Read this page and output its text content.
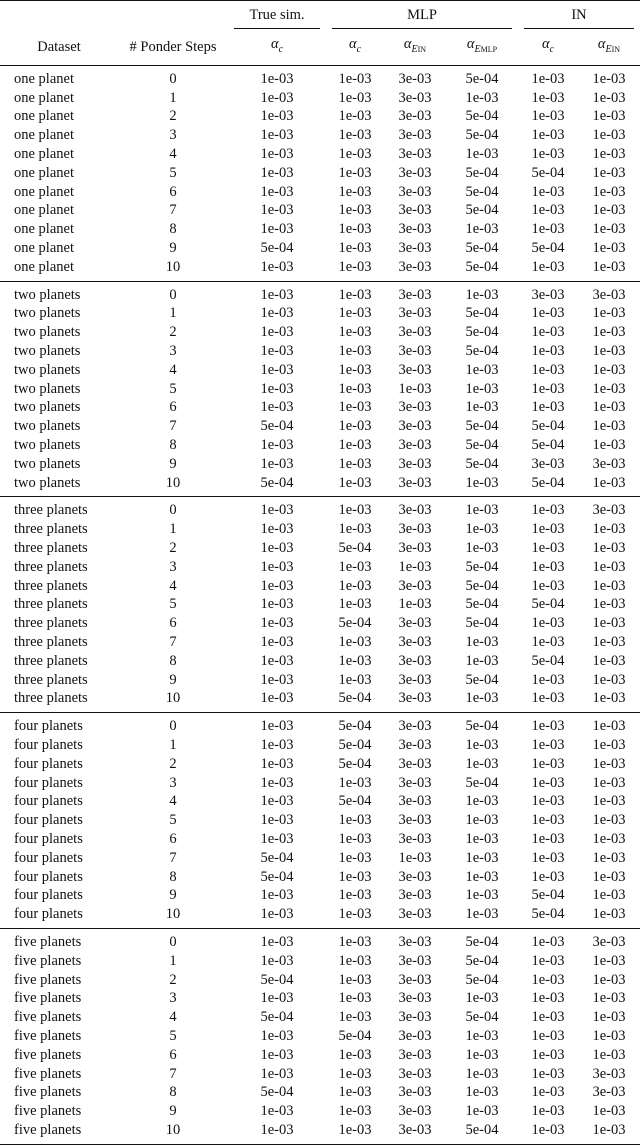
		True sim.	MLP			IN	
Dataset	# Ponder Steps	$\alpha_c$	$\alpha_c$	$\alpha_{EIN}$	$\alpha_{EMLP}$	$\alpha_c$	$\alpha_{EIN}$

one planet	0	1e-03	1e-03	3e-03	5e-04	1e-03	1e-03
one planet	1	1e-03	1e-03	3e-03	1e-03	1e-03	1e-03
one planet	2	1e-03	1e-03	3e-03	5e-04	1e-03	1e-03
one planet	3	1e-03	1e-03	3e-03	5e-04	1e-03	1e-03
one planet	4	1e-03	1e-03	3e-03	1e-03	1e-03	1e-03
one planet	5	1e-03	1e-03	3e-03	5e-04	5e-04	1e-03
one planet	6	1e-03	1e-03	3e-03	5e-04	1e-03	1e-03
one planet	7	1e-03	1e-03	3e-03	5e-04	1e-03	1e-03
one planet	8	1e-03	1e-03	3e-03	1e-03	1e-03	1e-03
one planet	9	5e-04	1e-03	3e-03	5e-04	5e-04	1e-03
one planet	10	1e-03	1e-03	3e-03	5e-04	1e-03	1e-03

two planets	0	1e-03	1e-03	3e-03	1e-03	3e-03	3e-03
two planets	1	1e-03	1e-03	3e-03	5e-04	1e-03	1e-03
two planets	2	1e-03	1e-03	3e-03	5e-04	1e-03	1e-03
two planets	3	1e-03	1e-03	3e-03	5e-04	1e-03	1e-03
two planets	4	1e-03	1e-03	3e-03	1e-03	1e-03	1e-03
two planets	5	1e-03	1e-03	1e-03	1e-03	1e-03	1e-03
two planets	6	1e-03	1e-03	3e-03	1e-03	1e-03	1e-03
two planets	7	5e-04	1e-03	3e-03	5e-04	5e-04	1e-03
two planets	8	1e-03	1e-03	3e-03	5e-04	5e-04	1e-03
two planets	9	1e-03	1e-03	3e-03	5e-04	3e-03	3e-03
two planets	10	5e-04	1e-03	3e-03	1e-03	5e-04	1e-03

three planets	0	1e-03	1e-03	3e-03	1e-03	1e-03	3e-03
three planets	1	1e-03	1e-03	3e-03	1e-03	1e-03	1e-03
three planets	2	1e-03	5e-04	3e-03	1e-03	1e-03	1e-03
three planets	3	1e-03	1e-03	1e-03	5e-04	1e-03	1e-03
three planets	4	1e-03	1e-03	3e-03	5e-04	1e-03	1e-03
three planets	5	1e-03	1e-03	1e-03	5e-04	5e-04	1e-03
three planets	6	1e-03	5e-04	3e-03	5e-04	1e-03	1e-03
three planets	7	1e-03	1e-03	3e-03	1e-03	1e-03	1e-03
three planets	8	1e-03	1e-03	3e-03	1e-03	5e-04	1e-03
three planets	9	1e-03	1e-03	3e-03	5e-04	1e-03	1e-03
three planets	10	1e-03	5e-04	3e-03	1e-03	1e-03	1e-03

four planets	0	1e-03	5e-04	3e-03	5e-04	1e-03	1e-03
four planets	1	1e-03	5e-04	3e-03	1e-03	1e-03	1e-03
four planets	2	1e-03	5e-04	3e-03	1e-03	1e-03	1e-03
four planets	3	1e-03	1e-03	3e-03	5e-04	1e-03	1e-03
four planets	4	1e-03	5e-04	3e-03	1e-03	1e-03	1e-03
four planets	5	1e-03	1e-03	3e-03	1e-03	1e-03	1e-03
four planets	6	1e-03	1e-03	3e-03	1e-03	1e-03	1e-03
four planets	7	5e-04	1e-03	1e-03	1e-03	1e-03	1e-03
four planets	8	5e-04	1e-03	3e-03	1e-03	1e-03	1e-03
four planets	9	1e-03	1e-03	3e-03	1e-03	5e-04	1e-03
four planets	10	1e-03	1e-03	3e-03	1e-03	5e-04	1e-03

five planets	0	1e-03	1e-03	3e-03	5e-04	1e-03	3e-03
five planets	1	1e-03	1e-03	3e-03	5e-04	1e-03	1e-03
five planets	2	5e-04	1e-03	3e-03	5e-04	1e-03	1e-03
five planets	3	1e-03	1e-03	3e-03	1e-03	1e-03	1e-03
five planets	4	5e-04	1e-03	3e-03	5e-04	1e-03	1e-03
five planets	5	1e-03	5e-04	3e-03	1e-03	1e-03	1e-03
five planets	6	1e-03	1e-03	3e-03	1e-03	1e-03	1e-03
five planets	7	1e-03	1e-03	3e-03	1e-03	1e-03	3e-03
five planets	8	5e-04	1e-03	3e-03	1e-03	1e-03	3e-03
five planets	9	1e-03	1e-03	3e-03	1e-03	1e-03	1e-03
five planets	10	1e-03	1e-03	3e-03	5e-04	1e-03	1e-03
